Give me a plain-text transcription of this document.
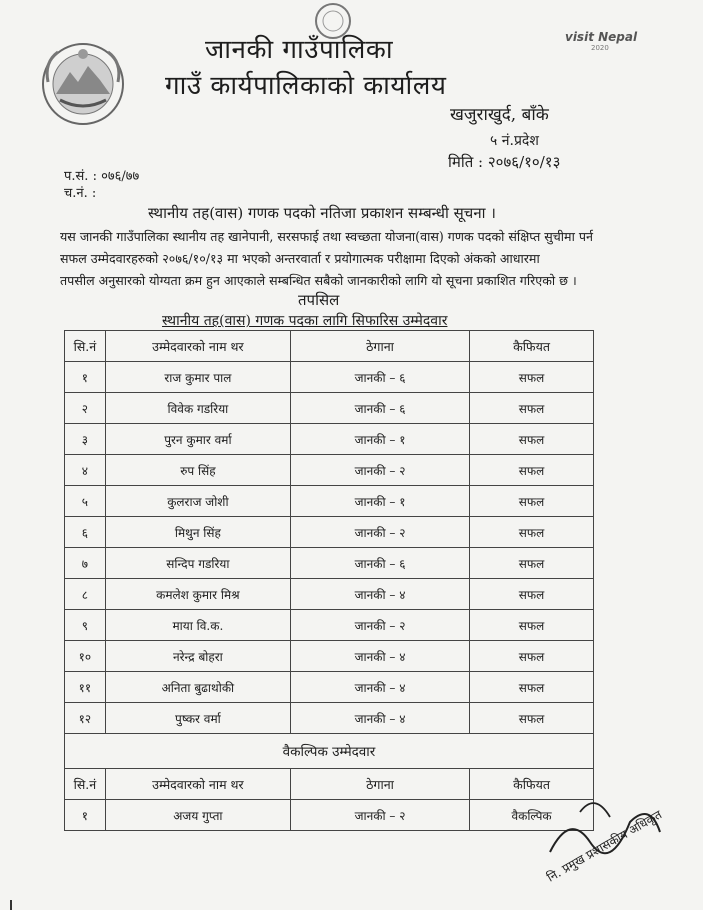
visit Nepal
2020
जानकी गाउँपालिका
गाउँ कार्यपालिकाको कार्यालय
खजुराखुर्द, बाँके
५ नं.प्रदेश
मिति : २०७६/१०/१३
प.सं. : ०७६/७७
च.नं. :
स्थानीय तह(वास) गणक पदको नतिजा प्रकाशन सम्बन्धी सूचना ।
यस जानकी गाउँपालिका स्थानीय तह खानेपानी, सरसफाई तथा स्वच्छता योजना(वास) गणक पदको संक्षिप्त सुचीमा पर्न
सफल उम्मेदवारहरुको २०७६/१०/१३ मा भएको अन्तरवार्ता र प्रयोगात्मक परीक्षामा दिएको अंकको आधारमा
तपसील अनुसारको योग्यता क्रम हुन आएकाले सम्बन्धित सबैको जानकारीको लागि यो सूचना प्रकाशित गरिएको छ ।
तपसिल
स्थानीय तह(वास) गणक पदका लागि सिफारिस उम्मेदवार
सि.नं	उम्मेदवारको नाम थर	ठेगाना	कैफियत
१	राज कुमार पाल	जानकी – ६	सफल
२	विवेक गडरिया	जानकी – ६	सफल
३	पुरन कुमार वर्मा	जानकी – १	सफल
४	रुप सिंह	जानकी – २	सफल
५	कुलराज जोशी	जानकी – १	सफल
६	मिथुन सिंह	जानकी – २	सफल
७	सन्दिप गडरिया	जानकी – ६	सफल
८	कमलेश कुमार मिश्र	जानकी – ४	सफल
९	माया वि.क.	जानकी – २	सफल
१०	नरेन्द्र बोहरा	जानकी – ४	सफल
११	अनिता बुढाथोकी	जानकी – ४	सफल
१२	पुष्कर वर्मा	जानकी – ४	सफल
वैकल्पिक उम्मेदवार			
सि.नं	उम्मेदवारको नाम थर	ठेगाना	कैफियत
१	अजय गुप्ता	जानकी – २	वैकल्पिक
नि. प्रमुख प्रशासकीय अधिकृत
